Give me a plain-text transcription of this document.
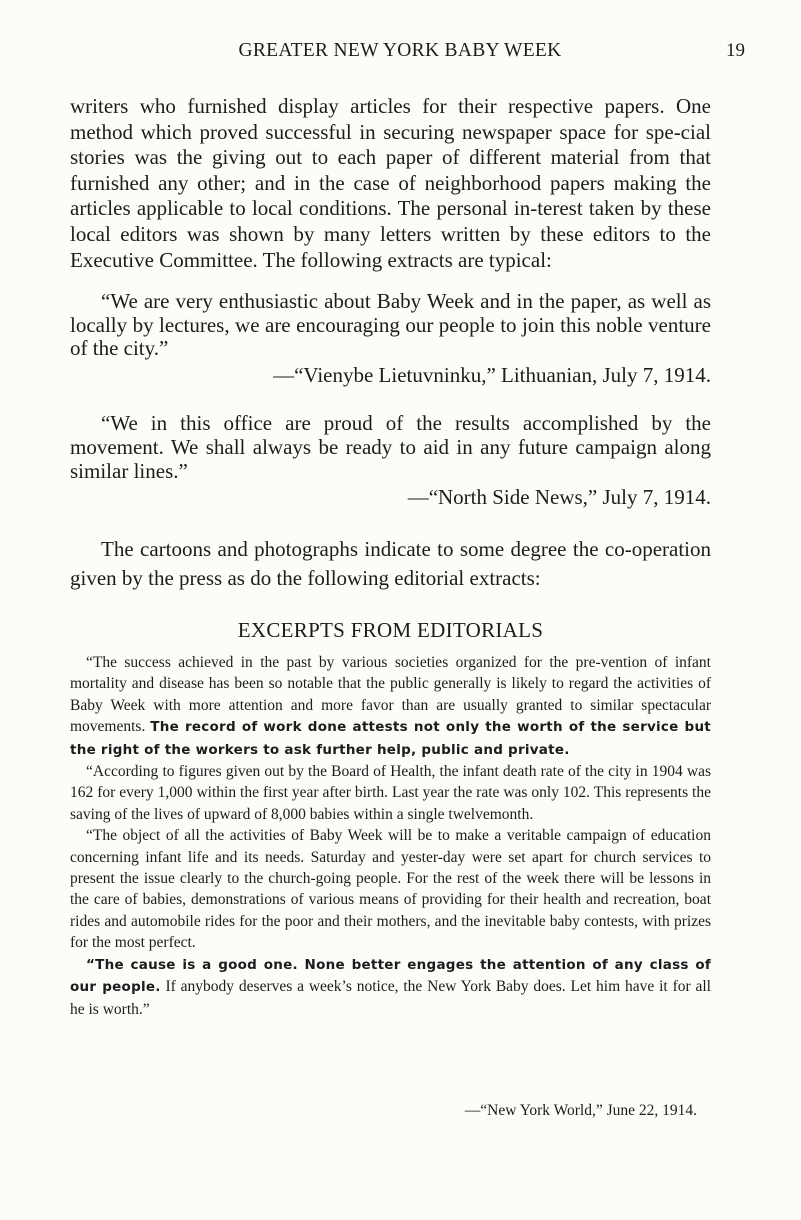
GREATER NEW YORK BABY WEEK	19

writers who furnished display articles for their respective papers. One method which proved successful in securing newspaper space for spe-cial stories was the giving out to each paper of different material from that furnished any other; and in the case of neighborhood papers making the articles applicable to local conditions. The personal in-terest taken by these local editors was shown by many letters written by these editors to the Executive Committee. The following extracts are typical:

“We are very enthusiastic about Baby Week and in the paper, as well as locally by lectures, we are encouraging our people to join this noble venture of the city.”

—“Vienybe Lietuvninku,” Lithuanian, July 7, 1914.

“We in this office are proud of the results accomplished by the movement. We shall always be ready to aid in any future campaign along similar lines.”

—“North Side News,” July 7, 1914.

The cartoons and photographs indicate to some degree the co-operation given by the press as do the following editorial extracts:

EXCERPTS FROM EDITORIALS

“The success achieved in the past by various societies organized for the pre-vention of infant mortality and disease has been so notable that the public generally is likely to regard the activities of Baby Week with more attention and more favor than are usually granted to similar spectacular movements. The record of work done attests not only the worth of the service but the right of the workers to ask further help, public and private.

“According to figures given out by the Board of Health, the infant death rate of the city in 1904 was 162 for every 1,000 within the first year after birth. Last year the rate was only 102. This represents the saving of the lives of upward of 8,000 babies within a single twelvemonth.

“The object of all the activities of Baby Week will be to make a veritable campaign of education concerning infant life and its needs. Saturday and yester-day were set apart for church services to present the issue clearly to the church-going people. For the rest of the week there will be lessons in the care of babies, demonstrations of various means of providing for their health and recreation, boat rides and automobile rides for the poor and their mothers, and the inevitable baby contests, with prizes for the most perfect.

“The cause is a good one. None better engages the attention of any class of our people. If anybody deserves a week’s notice, the New York Baby does. Let him have it for all he is worth.”

—“New York World,” June 22, 1914.
